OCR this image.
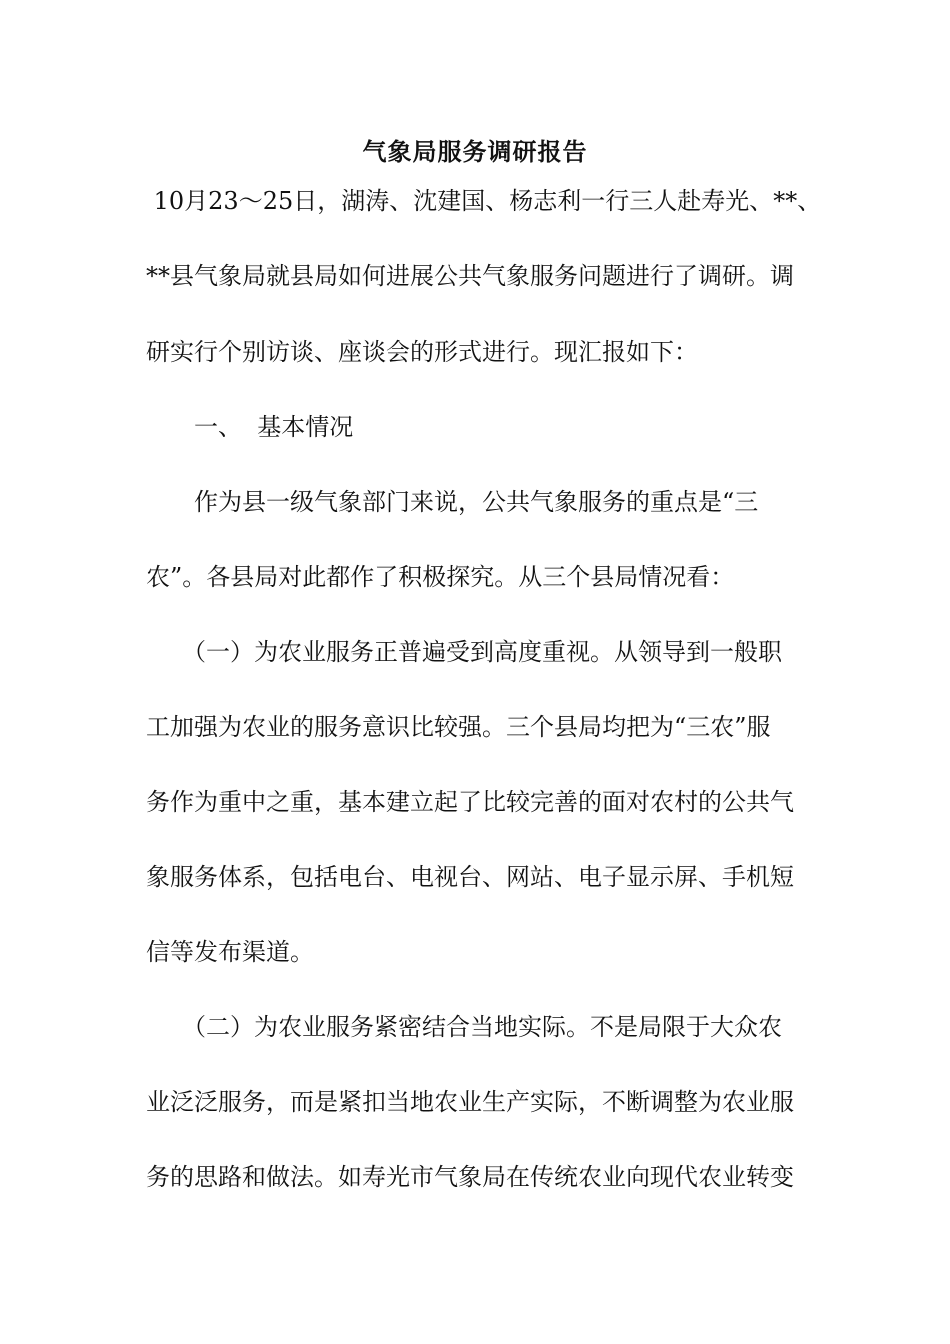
气象局服务调研报告

10月23～25日，湖涛、沈建国、杨志利一行三人赴寿光、**、

**县气象局就县局如何进展公共气象服务问题进行了调研。调

研实行个别访谈、座谈会的形式进行。现汇报如下：

一、  基本情况

作为县一级气象部门来说，公共气象服务的重点是“三

农”。各县局对此都作了积极探究。从三个县局情况看：

（一）为农业服务正普遍受到高度重视。从领导到一般职

工加强为农业的服务意识比较强。三个县局均把为“三农”服

务作为重中之重，基本建立起了比较完善的面对农村的公共气

象服务体系，包括电台、电视台、网站、电子显示屏、手机短

信等发布渠道。

（二）为农业服务紧密结合当地实际。不是局限于大众农

业泛泛服务，而是紧扣当地农业生产实际，不断调整为农业服

务的思路和做法。如寿光市气象局在传统农业向现代农业转变
